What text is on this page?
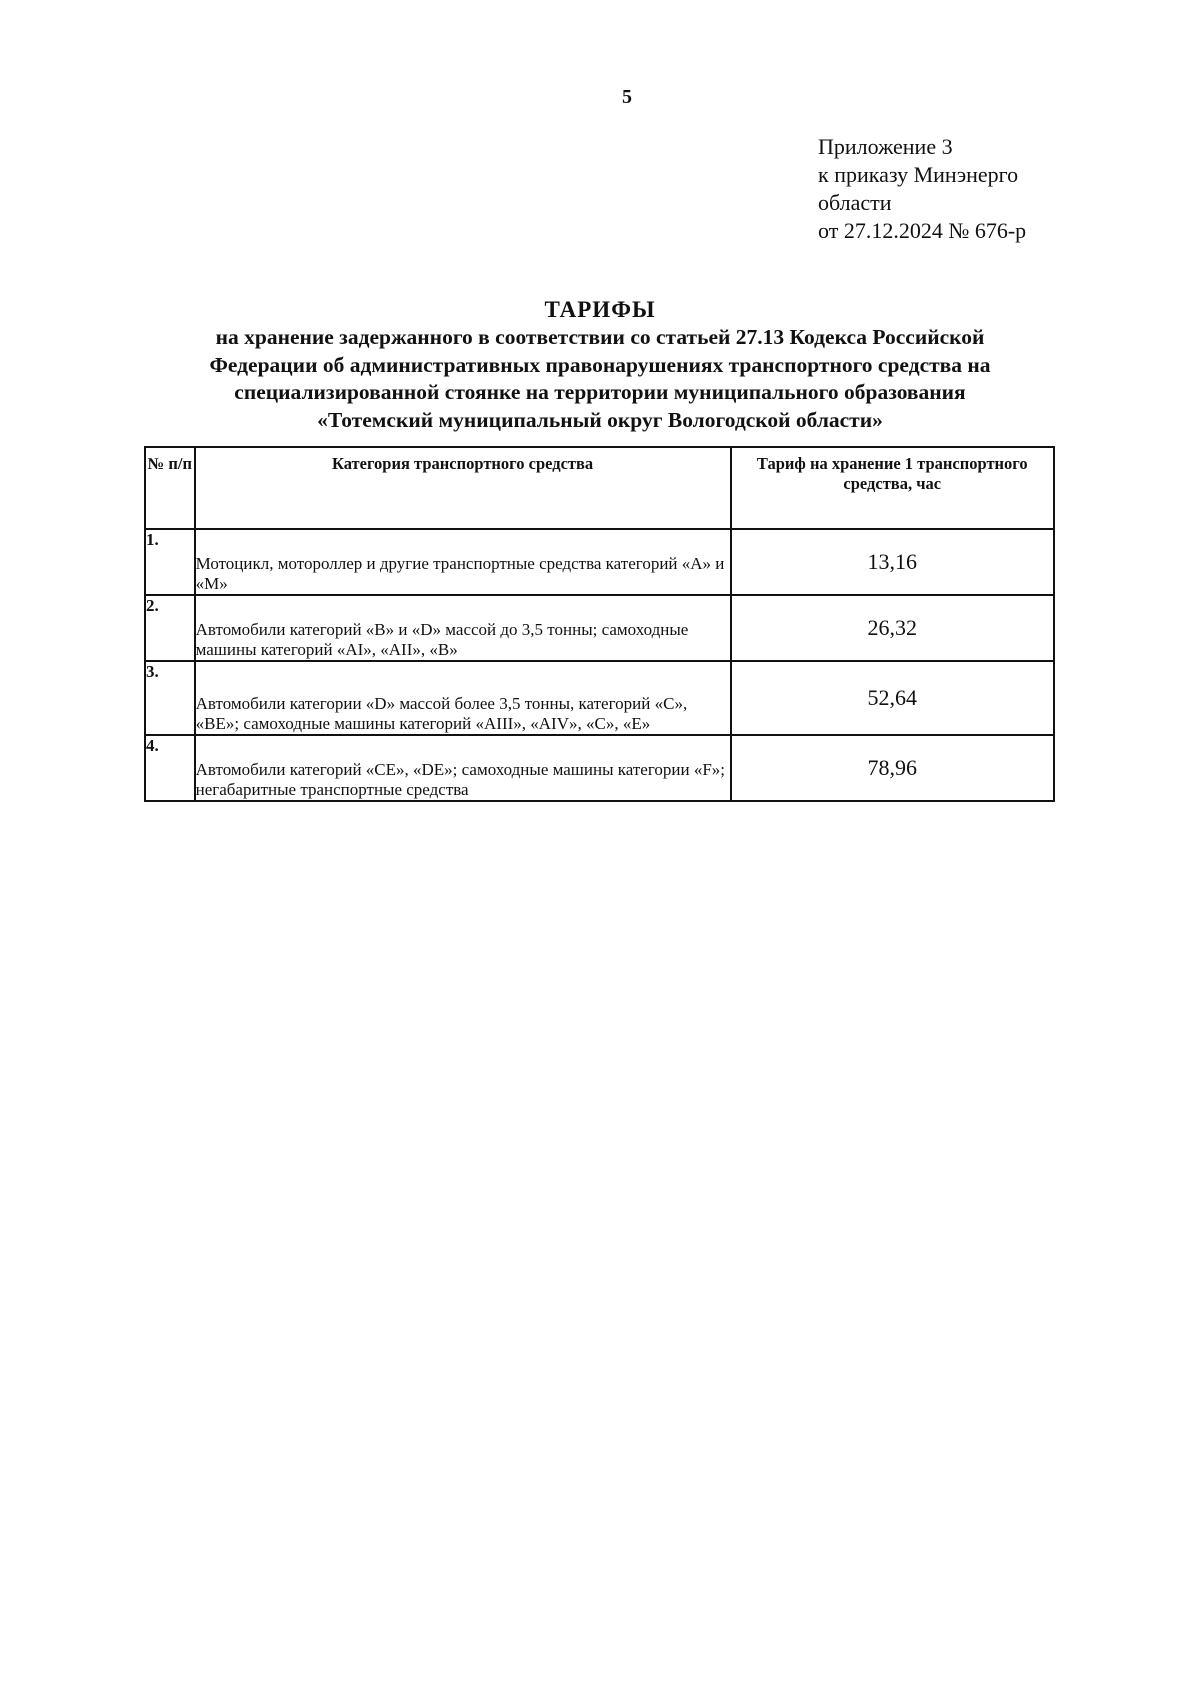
5
Приложение 3
к приказу Минэнерго
области
от 27.12.2024 № 676-р
ТАРИФЫ
на хранение задержанного в соответствии со статьей 27.13 Кодекса Российской
Федерации об административных правонарушениях транспортного средства на
специализированной стоянке на территории муниципального образования
«Тотемский муниципальный округ Вологодской области»
№ п/п	Категория транспортного средства	Тариф на хранение 1 транспортного средства, час
1.	Мотоцикл, мотороллер и другие транспортные средства категорий «А» и «М»	13,16
2.	Автомобили категорий «В» и «D» массой до 3,5 тонны; самоходные машины категорий «АI», «АII», «В»	26,32
3.	Автомобили категории «D» массой более 3,5 тонны, категорий «С», «ВЕ»; самоходные машины категорий «АIII», «АIV», «С», «Е»	52,64
4.	Автомобили категорий «СЕ», «DЕ»; самоходные машины категории «F»; негабаритные транспортные средства	78,96
